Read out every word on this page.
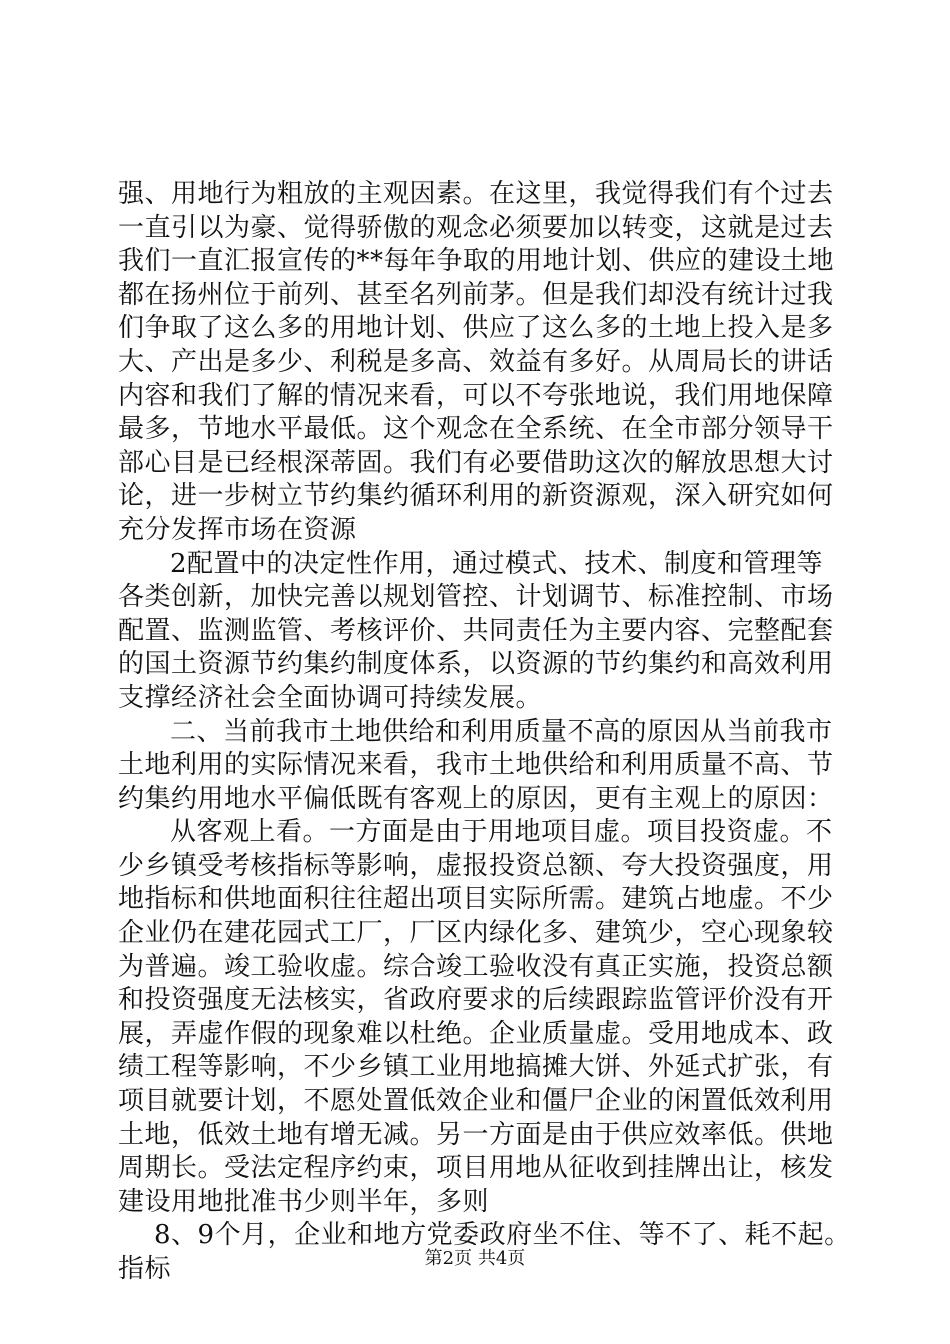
强、用地行为粗放的主观因素。在这里，我觉得我们有个过去
一直引以为豪、觉得骄傲的观念必须要加以转变，这就是过去
我们一直汇报宣传的**每年争取的用地计划、供应的建设土地
都在扬州位于前列、甚至名列前茅。但是我们却没有统计过我
们争取了这么多的用地计划、供应了这么多的土地上投入是多
大、产出是多少、利税是多高、效益有多好。从周局长的讲话
内容和我们了解的情况来看，可以不夸张地说，我们用地保障
最多，节地水平最低。这个观念在全系统、在全市部分领导干
部心目是已经根深蒂固。我们有必要借助这次的解放思想大讨
论，进一步树立节约集约循环利用的新资源观，深入研究如何
充分发挥市场在资源
2配置中的决定性作用，通过模式、技术、制度和管理等
各类创新，加快完善以规划管控、计划调节、标准控制、市场
配置、监测监管、考核评价、共同责任为主要内容、完整配套
的国土资源节约集约制度体系，以资源的节约集约和高效利用
支撑经济社会全面协调可持续发展。
二、当前我市土地供给和利用质量不高的原因从当前我市
土地利用的实际情况来看，我市土地供给和利用质量不高、节
约集约用地水平偏低既有客观上的原因，更有主观上的原因：
从客观上看。一方面是由于用地项目虚。项目投资虚。不
少乡镇受考核指标等影响，虚报投资总额、夸大投资强度，用
地指标和供地面积往往超出项目实际所需。建筑占地虚。不少
企业仍在建花园式工厂，厂区内绿化多、建筑少，空心现象较
为普遍。竣工验收虚。综合竣工验收没有真正实施，投资总额
和投资强度无法核实，省政府要求的后续跟踪监管评价没有开
展，弄虚作假的现象难以杜绝。企业质量虚。受用地成本、政
绩工程等影响，不少乡镇工业用地搞摊大饼、外延式扩张，有
项目就要计划，不愿处置低效企业和僵尸企业的闲置低效利用
土地，低效土地有增无减。另一方面是由于供应效率低。供地
周期长。受法定程序约束，项目用地从征收到挂牌出让，核发
建设用地批准书少则半年，多则
8、9个月，企业和地方党委政府坐不住、等不了、耗不起。
指标	第2页 共4页
